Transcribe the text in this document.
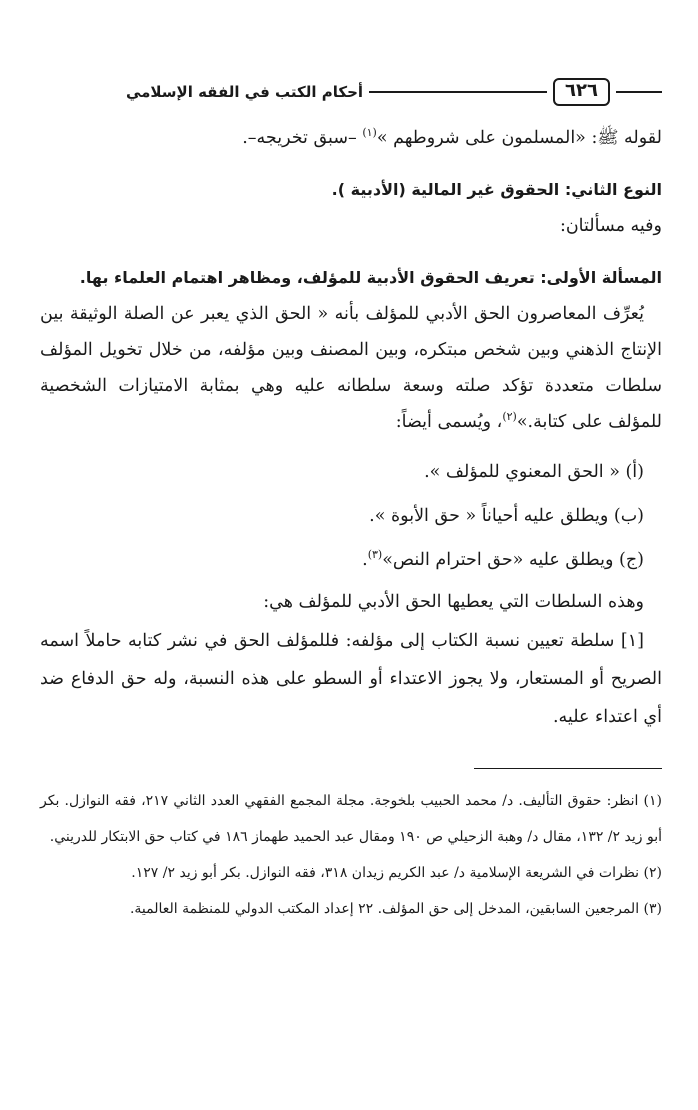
٦٢٦
أحكام الكتب في الفقه الإسلامي

لقوله ﷺ: «المسلمون على شروطهم »$^{(١)}$ –سبق تخريجه–.

النوع الثاني: الحقوق غير المالية (الأدبية ).

وفيه مسألتان:

المسألة الأولى: تعريف الحقوق الأدبية للمؤلف، ومظاهر اهتمام العلماء بها.

يُعرِّف المعاصرون الحق الأدبي للمؤلف بأنه « الحق الذي يعبر عن الصلة الوثيقة بين الإنتاج الذهني وبين شخص مبتكره، وبين المصنف وبين مؤلفه، من خلال تخويل المؤلف سلطات متعددة تؤكد صلته وسعة سلطانه عليه وهي بمثابة الامتيازات الشخصية للمؤلف على كتابة.»$^{(٢)}$، ويُسمى أيضاً:

(أ) « الحق المعنوي للمؤلف ».

(ب) ويطلق عليه أحياناً « حق الأبوة ».

(ج) ويطلق عليه «حق احترام النص»$^{(٣)}$.

وهذه السلطات التي يعطيها الحق الأدبي للمؤلف هي:

[١] سلطة تعيين نسبة الكتاب إلى مؤلفه: فللمؤلف الحق في نشر كتابه حاملاً اسمه الصريح أو المستعار، ولا يجوز الاعتداء أو السطو على هذه النسبة، وله حق الدفاع ضد أي اعتداء عليه.

(١) انظر: حقوق التأليف. د/ محمد الحبيب بلخوجة. مجلة المجمع الفقهي العدد الثاني ٢١٧، فقه النوازل. بكر أبو زيد ٢/ ١٣٢، مقال د/ وهبة الزحيلي ص ١٩٠ ومقال عبد الحميد طهماز ١٨٦ في كتاب حق الابتكار للدريني.

(٢) نظرات في الشريعة الإسلامية د/ عبد الكريم زيدان ٣١٨، فقه النوازل. بكر أبو زيد ٢/ ١٢٧.

(٣) المرجعين السابقين، المدخل إلى حق المؤلف. ٢٢ إعداد المكتب الدولي للمنظمة العالمية.
